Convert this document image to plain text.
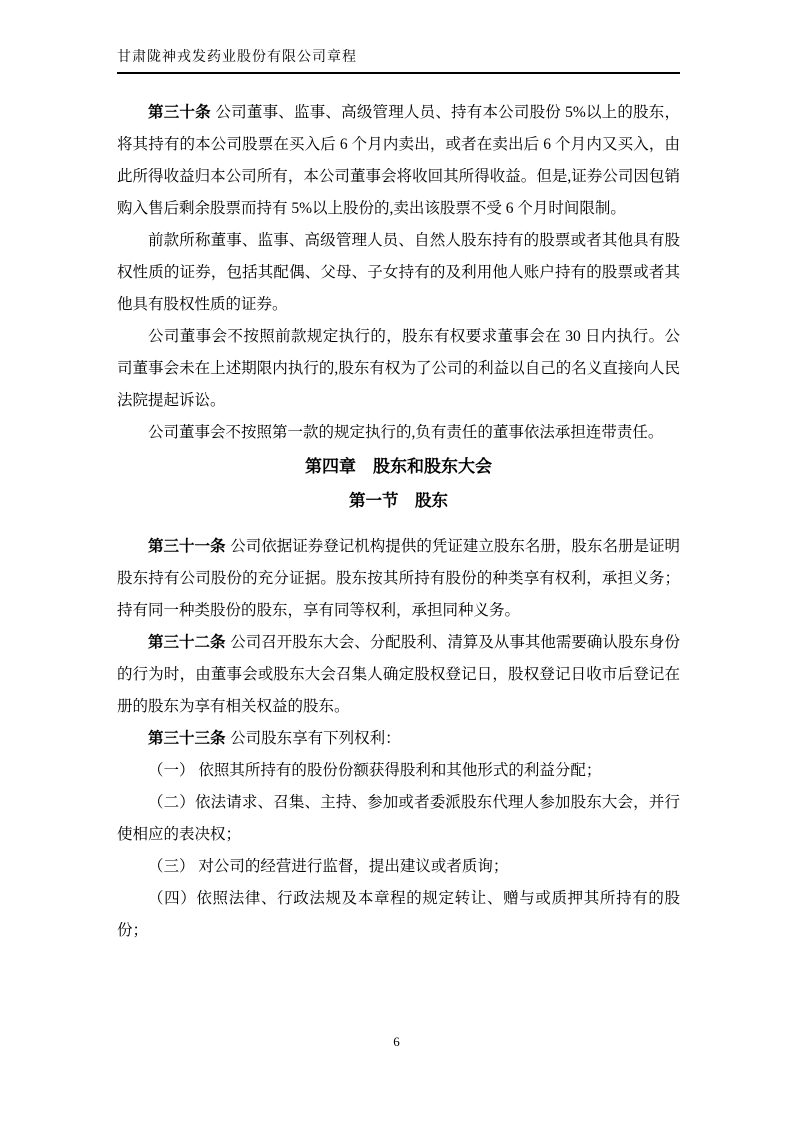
甘肃陇神戎发药业股份有限公司章程

第三十条 公司董事、监事、高级管理人员、持有本公司股份 5%以上的股东，将其持有的本公司股票在买入后 6 个月内卖出，或者在卖出后 6 个月内又买入，由此所得收益归本公司所有，本公司董事会将收回其所得收益。但是,证券公司因包销购入售后剩余股票而持有 5%以上股份的,卖出该股票不受 6 个月时间限制。

前款所称董事、监事、高级管理人员、自然人股东持有的股票或者其他具有股权性质的证券，包括其配偶、父母、子女持有的及利用他人账户持有的股票或者其他具有股权性质的证券。

公司董事会不按照前款规定执行的，股东有权要求董事会在 30 日内执行。公司董事会未在上述期限内执行的,股东有权为了公司的利益以自己的名义直接向人民法院提起诉讼。

公司董事会不按照第一款的规定执行的,负有责任的董事依法承担连带责任。

第四章　股东和股东大会
第一节　股东

第三十一条 公司依据证券登记机构提供的凭证建立股东名册，股东名册是证明股东持有公司股份的充分证据。股东按其所持有股份的种类享有权利，承担义务；持有同一种类股份的股东，享有同等权利，承担同种义务。

第三十二条 公司召开股东大会、分配股利、清算及从事其他需要确认股东身份的行为时，由董事会或股东大会召集人确定股权登记日，股权登记日收市后登记在册的股东为享有相关权益的股东。

第三十三条 公司股东享有下列权利：

（一） 依照其所持有的股份份额获得股利和其他形式的利益分配；

（二）依法请求、召集、主持、参加或者委派股东代理人参加股东大会，并行使相应的表决权；

（三） 对公司的经营进行监督，提出建议或者质询；

（四）依照法律、行政法规及本章程的规定转让、赠与或质押其所持有的股份；

6
